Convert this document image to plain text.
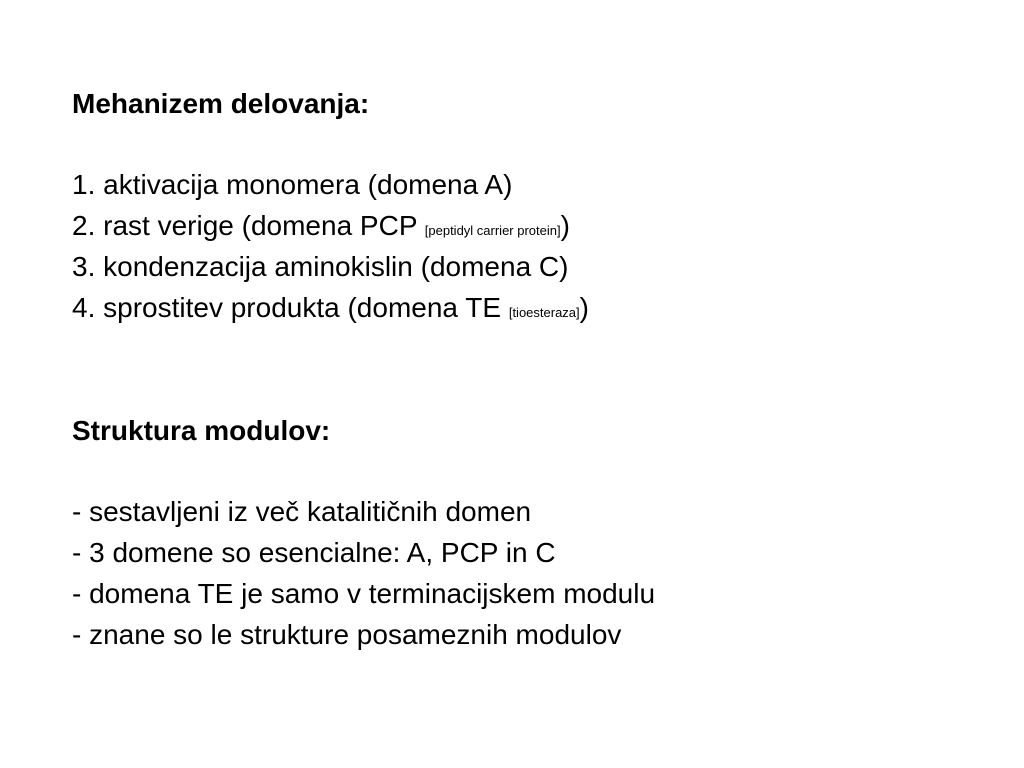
Mehanizem delovanja:

1. aktivacija monomera (domena A)

2. rast verige (domena PCP [peptidyl carrier protein])

3. kondenzacija aminokislin (domena C)

4. sprostitev produkta (domena TE [tioesteraza])

Struktura modulov:

- sestavljeni iz več katalitičnih domen

- 3 domene so esencialne: A, PCP in C

- domena TE je samo v terminacijskem modulu

- znane so le strukture posameznih modulov
